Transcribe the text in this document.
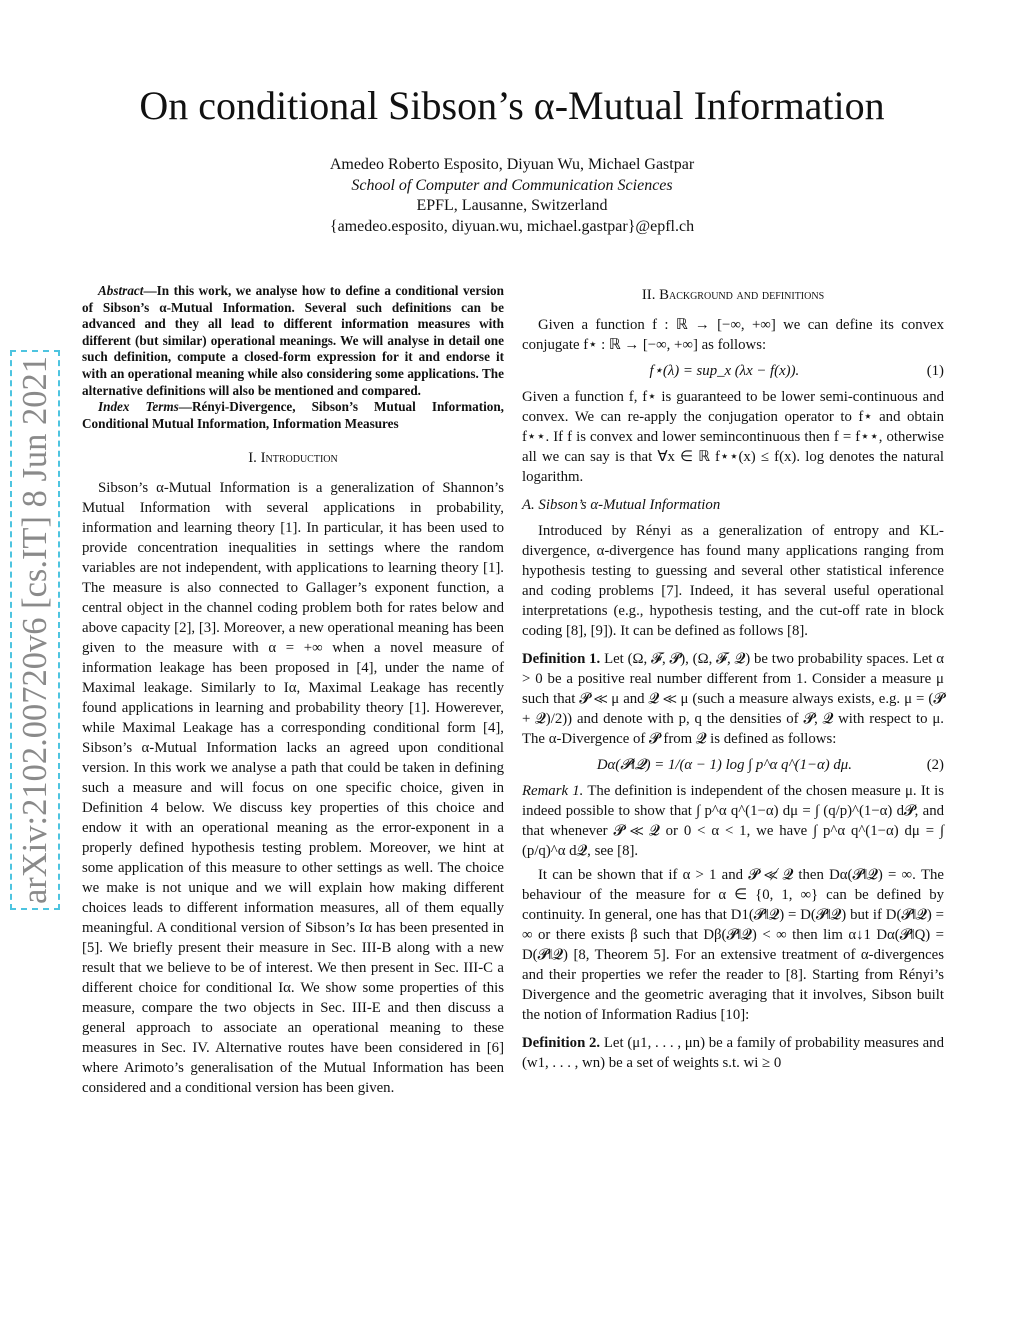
On conditional Sibson’s α-Mutual Information
Amedeo Roberto Esposito, Diyuan Wu, Michael Gastpar
School of Computer and Communication Sciences
EPFL, Lausanne, Switzerland
{amedeo.esposito, diyuan.wu, michael.gastpar}@epfl.ch
arXiv:2102.00720v6 [cs.IT] 8 Jun 2021

Abstract—In this work, we analyse how to define a conditional version of Sibson’s α-Mutual Information. Several such definitions can be advanced and they all lead to different information measures with different (but similar) operational meanings. We will analyse in detail one such definition, compute a closed-form expression for it and endorse it with an operational meaning while also considering some applications. The alternative definitions will also be mentioned and compared.

Index Terms—Rényi-Divergence, Sibson’s Mutual Information, Conditional Mutual Information, Information Measures

I. Introduction

Sibson’s α-Mutual Information is a generalization of Shannon’s Mutual Information with several applications in probability, information and learning theory [1]. In particular, it has been used to provide concentration inequalities in settings where the random variables are not independent, with applications to learning theory [1]. The measure is also connected to Gallager’s exponent function, a central object in the channel coding problem both for rates below and above capacity [2], [3]. Moreover, a new operational meaning has been given to the measure with α = +∞ when a novel measure of information leakage has been proposed in [4], under the name of Maximal leakage. Similarly to Iα, Maximal Leakage has recently found applications in learning and probability theory [1]. Howerever, while Maximal Leakage has a corresponding conditional form [4], Sibson’s α-Mutual Information lacks an agreed upon conditional version. In this work we analyse a path that could be taken in defining such a measure and will focus on one specific choice, given in Definition 4 below. We discuss key properties of this choice and endow it with an operational meaning as the error-exponent in a properly defined hypothesis testing problem. Moreover, we hint at some application of this measure to other settings as well. The choice we make is not unique and we will explain how making different choices leads to different information measures, all of them equally meaningful. A conditional version of Sibson’s Iα has been presented in [5]. We briefly present their measure in Sec. III-B along with a new result that we believe to be of interest. We then present in Sec. III-C a different choice for conditional Iα. We show some properties of this measure, compare the two objects in Sec. III-E and then discuss a general approach to associate an operational meaning to these measures in Sec. IV. Alternative routes have been considered in [6] where Arimoto’s generalisation of the Mutual Information has been considered and a conditional version has been given.

II. Background and definitions

Given a function f : ℝ → [−∞, +∞] we can define its convex conjugate f⋆ : ℝ → [−∞, +∞] as follows:

f⋆(λ) = sup_x (λx − f(x)).	(1)

Given a function f, f⋆ is guaranteed to be lower semi-continuous and convex. We can re-apply the conjugation operator to f⋆ and obtain f⋆⋆. If f is convex and lower semincontinuous then f = f⋆⋆, otherwise all we can say is that ∀x ∈ ℝ f⋆⋆(x) ≤ f(x). log denotes the natural logarithm.

A. Sibson’s α-Mutual Information

Introduced by Rényi as a generalization of entropy and KL-divergence, α-divergence has found many applications ranging from hypothesis testing to guessing and several other statistical inference and coding problems [7]. Indeed, it has several useful operational interpretations (e.g., hypothesis testing, and the cut-off rate in block coding [8], [9]). It can be defined as follows [8].

Definition 1. Let (Ω, 𝓕, 𝓟), (Ω, 𝓕, 𝓠) be two probability spaces. Let α > 0 be a positive real number different from 1. Consider a measure μ such that 𝓟 ≪ μ and 𝓠 ≪ μ (such a measure always exists, e.g. μ = (𝓟 + 𝓠)/2)) and denote with p, q the densities of 𝓟, 𝓠 with respect to μ. The α-Divergence of 𝓟 from 𝓠 is defined as follows:

Dα(𝓟‖𝓠) = 1/(α − 1) log ∫ p^α q^(1−α) dμ.	(2)

Remark 1. The definition is independent of the chosen measure μ. It is indeed possible to show that ∫ p^α q^(1−α) dμ = ∫ (q/p)^(1−α) d𝓟, and that whenever 𝓟 ≪ 𝓠 or 0 < α < 1, we have ∫ p^α q^(1−α) dμ = ∫ (p/q)^α d𝓠, see [8].

It can be shown that if α > 1 and 𝓟 ≪̸ 𝓠 then Dα(𝓟‖𝓠) = ∞. The behaviour of the measure for α ∈ {0, 1, ∞} can be defined by continuity. In general, one has that D1(𝓟‖𝓠) = D(𝓟‖𝓠) but if D(𝓟‖𝓠) = ∞ or there exists β such that Dβ(𝓟‖𝓠) < ∞ then lim α↓1 Dα(𝓟‖Q) = D(𝓟‖𝓠) [8, Theorem 5]. For an extensive treatment of α-divergences and their properties we refer the reader to [8]. Starting from Rényi’s Divergence and the geometric averaging that it involves, Sibson built the notion of Information Radius [10]:

Definition 2. Let (μ1, . . . , μn) be a family of probability measures and (w1, . . . , wn) be a set of weights s.t. wi ≥ 0
